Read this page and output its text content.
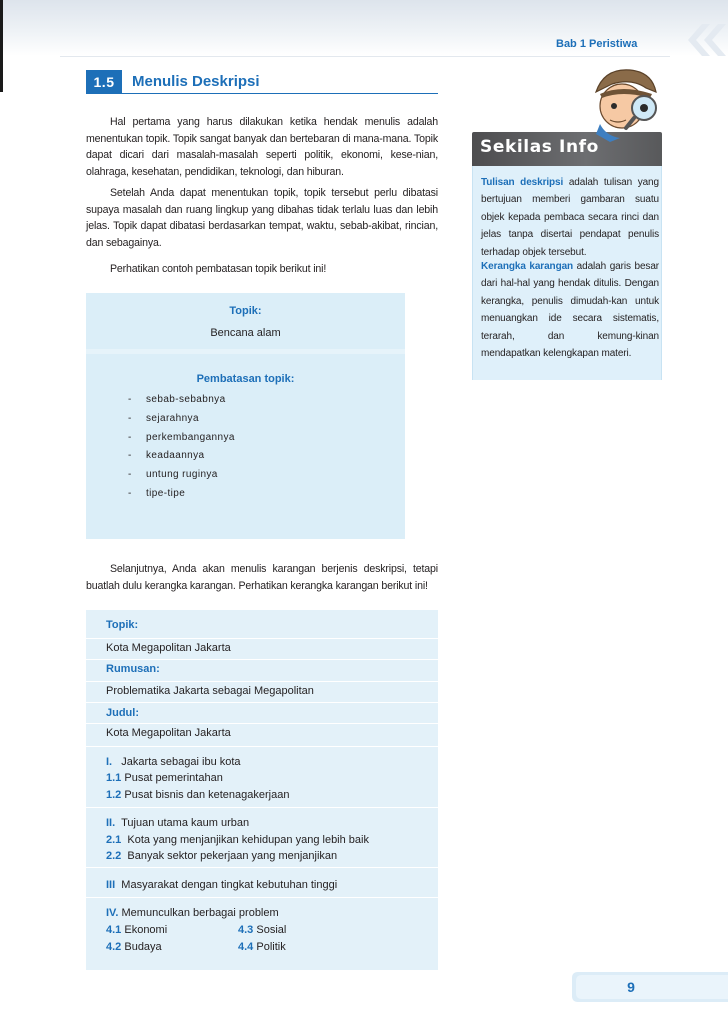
Bab 1 Peristiwa
1.5	Menulis Deskripsi
Hal pertama yang harus dilakukan ketika hendak menulis adalah menentukan topik. Topik sangat banyak dan bertebaran di mana-mana. Topik dapat dicari dari masalah-masalah seperti politik, ekonomi, kese-nian, olahraga, kesehatan, pendidikan, teknologi, dan hiburan.
Setelah Anda dapat menentukan topik, topik tersebut perlu dibatasi supaya masalah dan ruang lingkup yang dibahas tidak terlalu luas dan lebih jelas. Topik dapat dibatasi berdasarkan tempat, waktu, sebab-akibat, rincian, dan sebagainya.
Perhatikan contoh pembatasan topik berikut ini!
Topik:
Bencana alam
Pembatasan topik:
- sebab-sebabnya
- sejarahnya
- perkembangannya
- keadaannya
- untung ruginya
- tipe-tipe
Selanjutnya, Anda akan menulis karangan berjenis deskripsi, tetapi buatlah dulu kerangka karangan. Perhatikan kerangka karangan berikut ini!
Topik:
Kota Megapolitan Jakarta
Rumusan:
Problematika Jakarta sebagai Megapolitan
Judul:
Kota Megapolitan Jakarta
I. Jakarta sebagai ibu kota
1.1 Pusat pemerintahan
1.2 Pusat bisnis dan ketenagakerjaan
II. Tujuan utama kaum urban
2.1 Kota yang menjanjikan kehidupan yang lebih baik
2.2 Banyak sektor pekerjaan yang menjanjikan
III Masyarakat dengan tingkat kebutuhan tinggi
IV. Memunculkan berbagai problem
4.1 Ekonomi	4.3 Sosial
4.2 Budaya	4.4 Politik
Tulisan deskripsi adalah tulisan yang bertujuan memberi gambaran suatu objek kepada pembaca secara rinci dan jelas tanpa disertai pendapat penulis terhadap objek tersebut.
Kerangka karangan adalah garis besar dari hal-hal yang hendak ditulis. Dengan kerangka, penulis dimudah-kan untuk menuangkan ide secara sistematis, terarah, dan kemung-kinan mendapatkan kelengkapan materi.
Sekilas Info
9
